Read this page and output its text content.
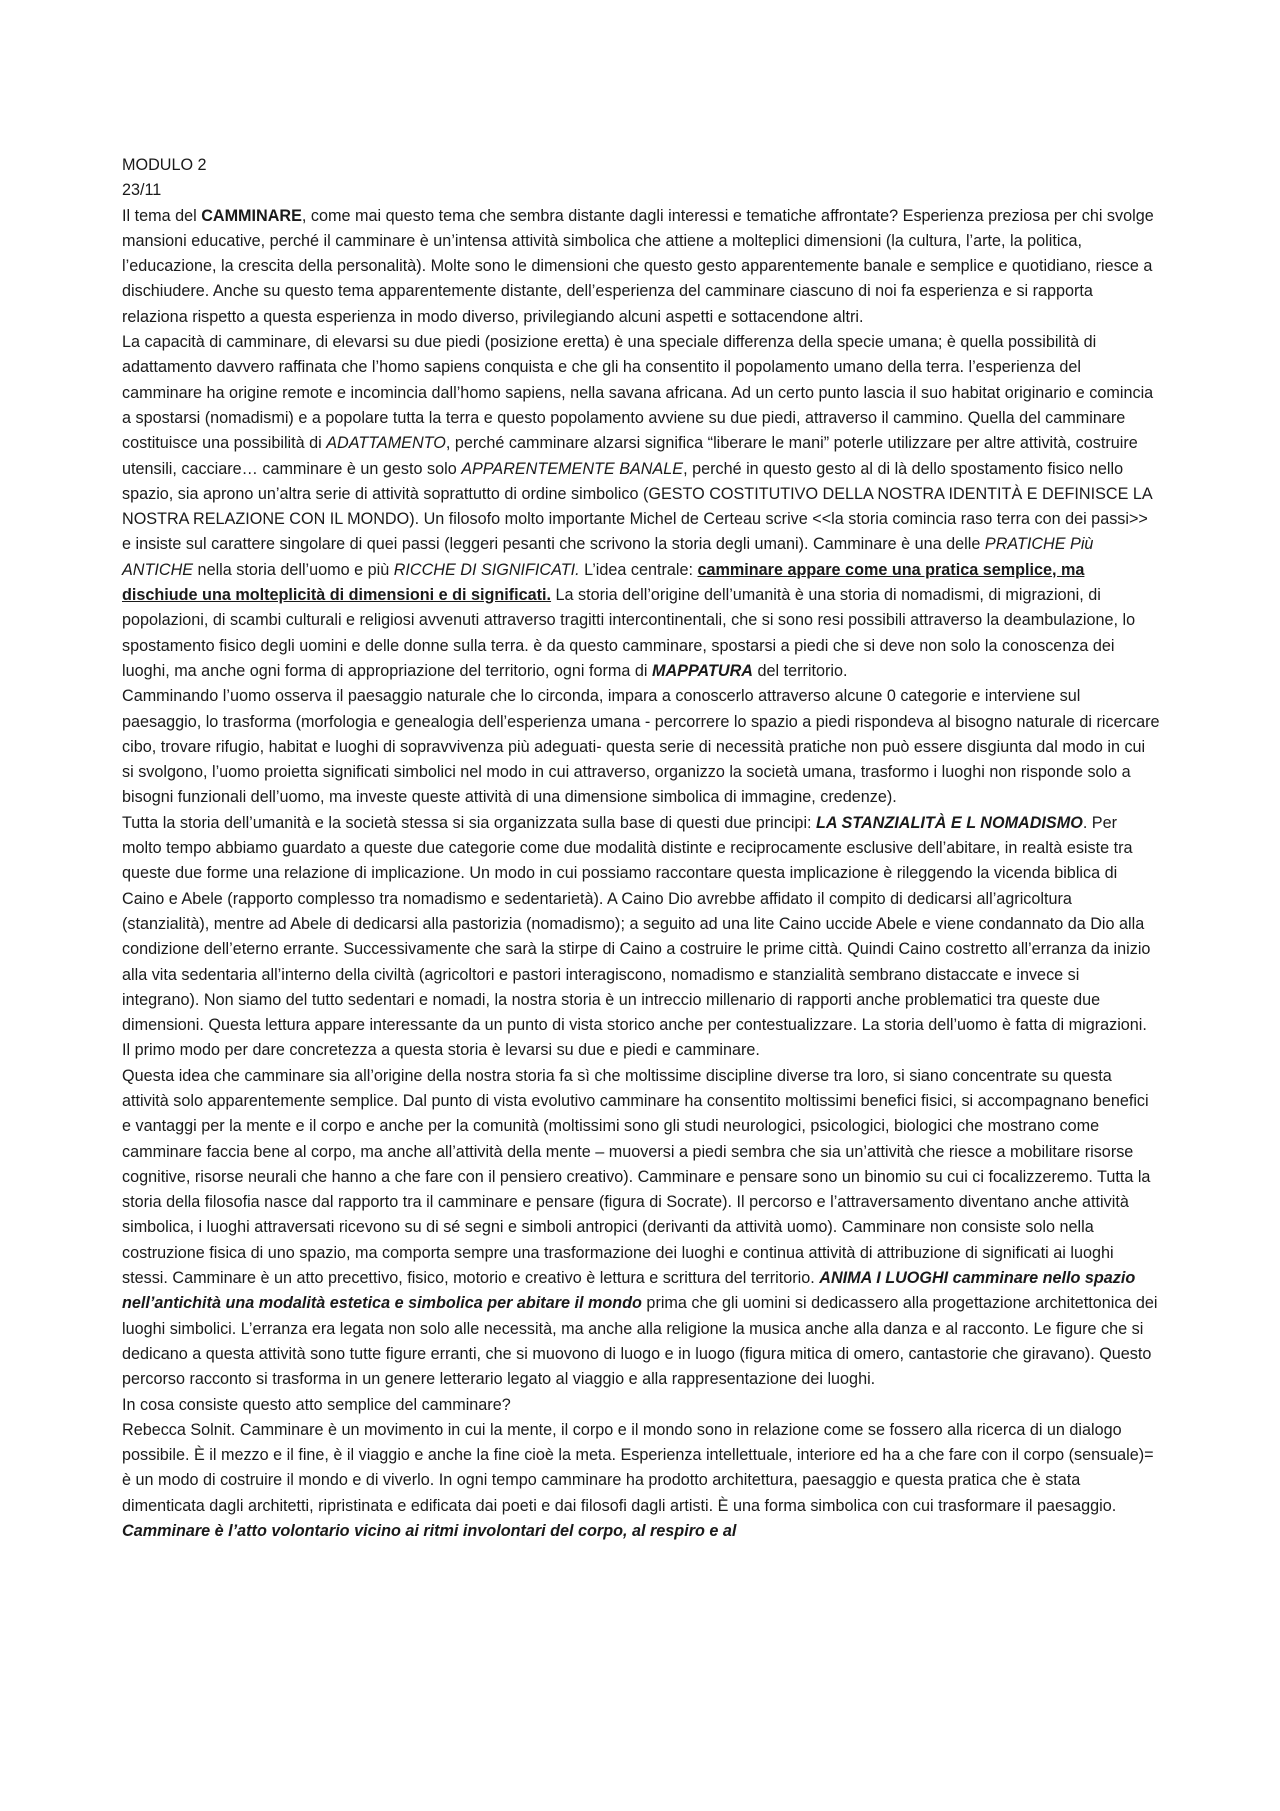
MODULO 2

23/11

Il tema del CAMMINARE, come mai questo tema che sembra distante dagli interessi e tematiche affrontate? Esperienza preziosa per chi svolge mansioni educative, perché il camminare è un’intensa attività simbolica che attiene a molteplici dimensioni (la cultura, l’arte, la politica, l’educazione, la crescita della personalità). Molte sono le dimensioni che questo gesto apparentemente banale e semplice e quotidiano, riesce a dischiudere. Anche su questo tema apparentemente distante, dell’esperienza del camminare ciascuno di noi fa esperienza e si rapporta relaziona rispetto a questa esperienza in modo diverso, privilegiando alcuni aspetti e sottacendone altri.

La capacità di camminare, di elevarsi su due piedi (posizione eretta) è una speciale differenza della specie umana; è quella possibilità di adattamento davvero raffinata che l’homo sapiens conquista e che gli ha consentito il popolamento umano della terra. l’esperienza del camminare ha origine remote e incomincia dall’homo sapiens, nella savana africana. Ad un certo punto lascia il suo habitat originario e comincia a spostarsi (nomadismi) e a popolare tutta la terra e questo popolamento avviene su due piedi, attraverso il cammino. Quella del camminare costituisce una possibilità di ADATTAMENTO, perché camminare alzarsi significa “liberare le mani” poterle utilizzare per altre attività, costruire utensili, cacciare… camminare è un gesto solo APPARENTEMENTE BANALE, perché in questo gesto al di là dello spostamento fisico nello spazio, sia aprono un’altra serie di attività soprattutto di ordine simbolico (GESTO COSTITUTIVO DELLA NOSTRA IDENTITÀ E DEFINISCE LA NOSTRA RELAZIONE CON IL MONDO). Un filosofo molto importante Michel de Certeau scrive <<la storia comincia raso terra con dei passi>> e insiste sul carattere singolare di quei passi (leggeri pesanti che scrivono la storia degli umani). Camminare è una delle PRATICHE Più ANTICHE nella storia dell’uomo e più RICCHE DI SIGNIFICATI. L’idea centrale: camminare appare come una pratica semplice, ma dischiude una molteplicità di dimensioni e di significati. La storia dell’origine dell’umanità è una storia di nomadismi, di migrazioni, di popolazioni, di scambi culturali e religiosi avvenuti attraverso tragitti intercontinentali, che si sono resi possibili attraverso la deambulazione, lo spostamento fisico degli uomini e delle donne sulla terra. è da questo camminare, spostarsi a piedi che si deve non solo la conoscenza dei luoghi, ma anche ogni forma di appropriazione del territorio, ogni forma di MAPPATURA del territorio.

Camminando l’uomo osserva il paesaggio naturale che lo circonda, impara a conoscerlo attraverso alcune 0 categorie e interviene sul paesaggio, lo trasforma (morfologia e genealogia dell’esperienza umana - percorrere lo spazio a piedi rispondeva al bisogno naturale di ricercare cibo, trovare rifugio, habitat e luoghi di sopravvivenza più adeguati- questa serie di necessità pratiche non può essere disgiunta dal modo in cui si svolgono, l’uomo proietta significati simbolici nel modo in cui attraverso, organizzo la società umana, trasformo i luoghi non risponde solo a bisogni funzionali dell’uomo, ma investe queste attività di una dimensione simbolica di immagine, credenze).

Tutta la storia dell’umanità e la società stessa si sia organizzata sulla base di questi due principi: LA STANZIALITÀ E L NOMADISMO. Per molto tempo abbiamo guardato a queste due categorie come due modalità distinte e reciprocamente esclusive dell’abitare, in realtà esiste tra queste due forme una relazione di implicazione. Un modo in cui possiamo raccontare questa implicazione è rileggendo la vicenda biblica di Caino e Abele (rapporto complesso tra nomadismo e sedentarietà). A Caino Dio avrebbe affidato il compito di dedicarsi all’agricoltura (stanzialità), mentre ad Abele di dedicarsi alla pastorizia (nomadismo); a seguito ad una lite Caino uccide Abele e viene condannato da Dio alla condizione dell’eterno errante. Successivamente che sarà la stirpe di Caino a costruire le prime città. Quindi Caino costretto all’erranza da inizio alla vita sedentaria all’interno della civiltà (agricoltori e pastori interagiscono, nomadismo e stanzialità sembrano distaccate e invece si integrano). Non siamo del tutto sedentari e nomadi, la nostra storia è un intreccio millenario di rapporti anche problematici tra queste due dimensioni. Questa lettura appare interessante da un punto di vista storico anche per contestualizzare. La storia dell’uomo è fatta di migrazioni.

Il primo modo per dare concretezza a questa storia è levarsi su due e piedi e camminare.

Questa idea che camminare sia all’origine della nostra storia fa sì che moltissime discipline diverse tra loro, si siano concentrate su questa attività solo apparentemente semplice. Dal punto di vista evolutivo camminare ha consentito moltissimi benefici fisici, si accompagnano benefici e vantaggi per la mente e il corpo e anche per la comunità (moltissimi sono gli studi neurologici, psicologici, biologici che mostrano come camminare faccia bene al corpo, ma anche all’attività della mente – muoversi a piedi sembra che sia un’attività che riesce a mobilitare risorse cognitive, risorse neurali che hanno a che fare con il pensiero creativo). Camminare e pensare sono un binomio su cui ci focalizzeremo. Tutta la storia della filosofia nasce dal rapporto tra il camminare e pensare (figura di Socrate). Il percorso e l’attraversamento diventano anche attività simbolica, i luoghi attraversati ricevono su di sé segni e simboli antropici (derivanti da attività uomo). Camminare non consiste solo nella costruzione fisica di uno spazio, ma comporta sempre una trasformazione dei luoghi e continua attività di attribuzione di significati ai luoghi stessi. Camminare è un atto precettivo, fisico, motorio e creativo è lettura e scrittura del territorio. ANIMA I LUOGHI camminare nello spazio nell’antichità una modalità estetica e simbolica per abitare il mondo prima che gli uomini si dedicassero alla progettazione architettonica dei luoghi simbolici. L’erranza era legata non solo alle necessità, ma anche alla religione la musica anche alla danza e al racconto. Le figure che si dedicano a questa attività sono tutte figure erranti, che si muovono di luogo e in luogo (figura mitica di omero, cantastorie che giravano). Questo percorso racconto si trasforma in un genere letterario legato al viaggio e alla rappresentazione dei luoghi.

In cosa consiste questo atto semplice del camminare?

Rebecca Solnit. Camminare è un movimento in cui la mente, il corpo e il mondo sono in relazione come se fossero alla ricerca di un dialogo possibile. È il mezzo e il fine, è il viaggio e anche la fine cioè la meta. Esperienza intellettuale, interiore ed ha a che fare con il corpo (sensuale)= è un modo di costruire il mondo e di viverlo. In ogni tempo camminare ha prodotto architettura, paesaggio e questa pratica che è stata dimenticata dagli architetti, ripristinata e edificata dai poeti e dai filosofi dagli artisti. È una forma simbolica con cui trasformare il paesaggio. Camminare è l’atto volontario vicino ai ritmi involontari del corpo, al respiro e al
